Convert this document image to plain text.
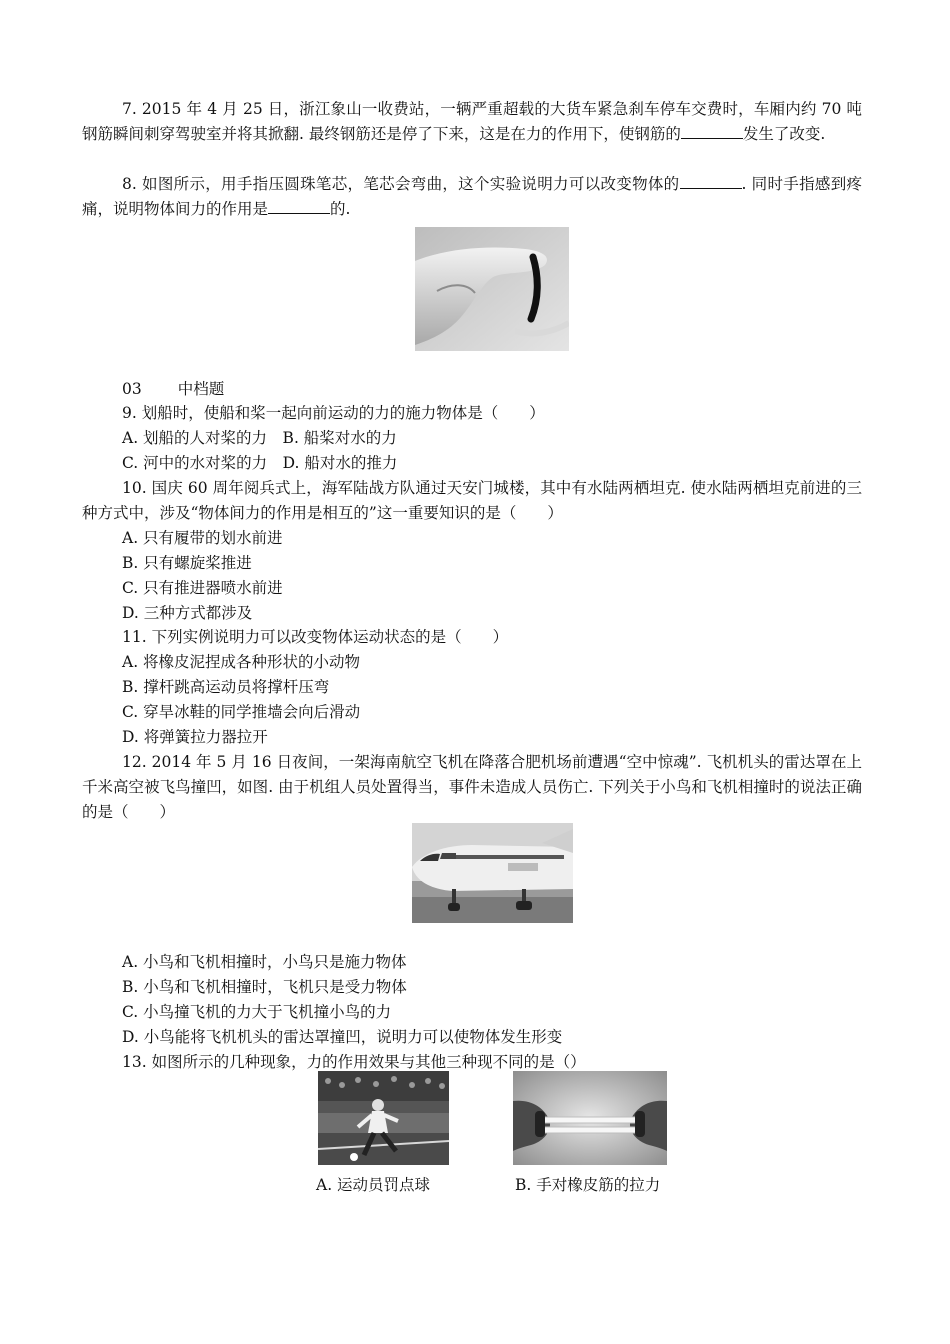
7. 2015 年 4 月 25 日，浙江象山一收费站，一辆严重超载的大货车紧急刹车停车交费时，车厢内约 70 吨钢筋瞬间刺穿驾驶室并将其掀翻. 最终钢筋还是停了下来，这是在力的作用下，使钢筋的	发生了改变.
8. 如图所示，用手指压圆珠笔芯，笔芯会弯曲，这个实验说明力可以改变物体的	. 同时手指感到疼痛，说明物体间力的作用是	的.
03 中档题
9. 划船时，使船和桨一起向前运动的力的施力物体是（　　）
A. 划船的人对桨的力　B. 船桨对水的力
C. 河中的水对桨的力　D. 船对水的推力
10. 国庆 60 周年阅兵式上，海军陆战方队通过天安门城楼，其中有水陆两栖坦克. 使水陆两栖坦克前进的三种方式中，涉及“物体间力的作用是相互的”这一重要知识的是（　　）
A. 只有履带的划水前进
B. 只有螺旋桨推进
C. 只有推进器喷水前进
D. 三种方式都涉及
11. 下列实例说明力可以改变物体运动状态的是（　　）
A. 将橡皮泥捏成各种形状的小动物
B. 撑杆跳高运动员将撑杆压弯
C. 穿旱冰鞋的同学推墙会向后滑动
D. 将弹簧拉力器拉开
12. 2014 年 5 月 16 日夜间，一架海南航空飞机在降落合肥机场前遭遇“空中惊魂”. 飞机机头的雷达罩在上千米高空被飞鸟撞凹，如图. 由于机组人员处置得当，事件未造成人员伤亡. 下列关于小鸟和飞机相撞时的说法正确的是（　　）
A. 小鸟和飞机相撞时，小鸟只是施力物体
B. 小鸟和飞机相撞时，飞机只是受力物体
C. 小鸟撞飞机的力大于飞机撞小鸟的力
D. 小鸟能将飞机机头的雷达罩撞凹，说明力可以使物体发生形变
13. 如图所示的几种现象，力的作用效果与其他三种现不同的是（）
A. 运动员罚点球	B. 手对橡皮筋的拉力
